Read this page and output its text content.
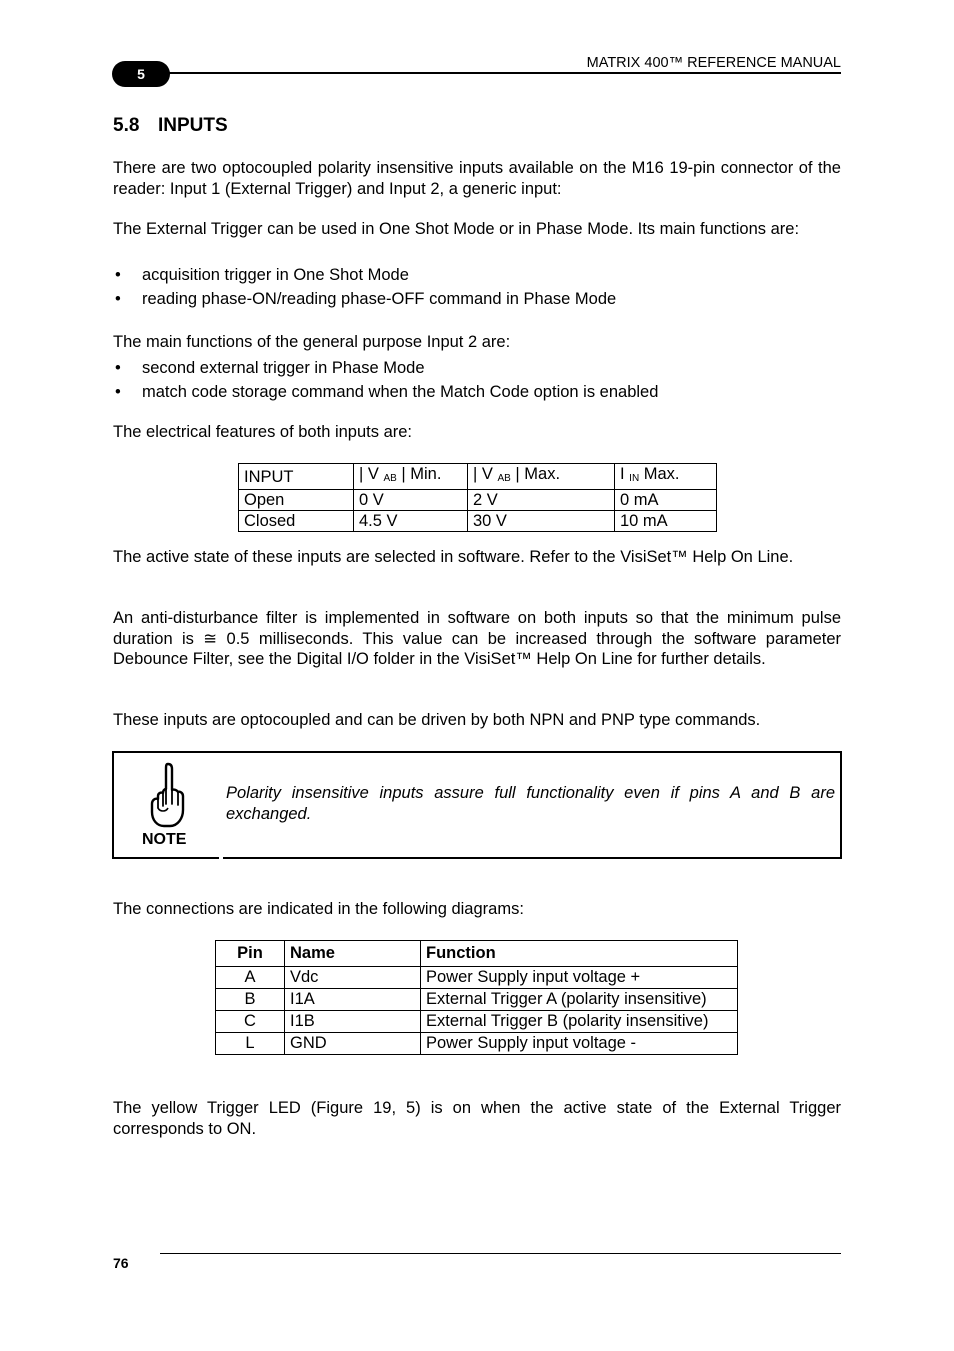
5
MATRIX 400™ REFERENCE MANUAL
5.8 INPUTS

There are two optocoupled polarity insensitive inputs available on the M16 19-pin connector of the reader: Input 1 (External Trigger) and Input 2, a generic input:

The External Trigger can be used in One Shot Mode or in Phase Mode. Its main functions are:

• acquisition trigger in One Shot Mode
• reading phase-ON/reading phase-OFF command in Phase Mode

The main functions of the general purpose Input 2 are:

• second external trigger in Phase Mode
• match code storage command when the Match Code option is enabled

The electrical features of both inputs are:

INPUT	| V $_{AB}$ | Min.	| V $_{AB}$ | Max.	I $_{IN}$ Max.
Open	0 V	2 V	0 mA
Closed	4.5 V	30 V	10 mA

The active state of these inputs are selected in software. Refer to the VisiSet™ Help On Line.

An anti-disturbance filter is implemented in software on both inputs so that the minimum pulse duration is ≅ 0.5 milliseconds. This value can be increased through the software parameter Debounce Filter, see the Digital I/O folder in the VisiSet™ Help On Line for further details.

These inputs are optocoupled and can be driven by both NPN and PNP type commands.

NOTE

Polarity insensitive inputs assure full functionality even if pins A and B are exchanged.

The connections are indicated in the following diagrams:

Pin	Name	Function
A	Vdc	Power Supply input voltage +
B	I1A	External Trigger A (polarity insensitive)
C	I1B	External Trigger B (polarity insensitive)
L	GND	Power Supply input voltage -

The yellow Trigger LED (Figure 19, 5) is on when the active state of the External Trigger corresponds to ON.

76
